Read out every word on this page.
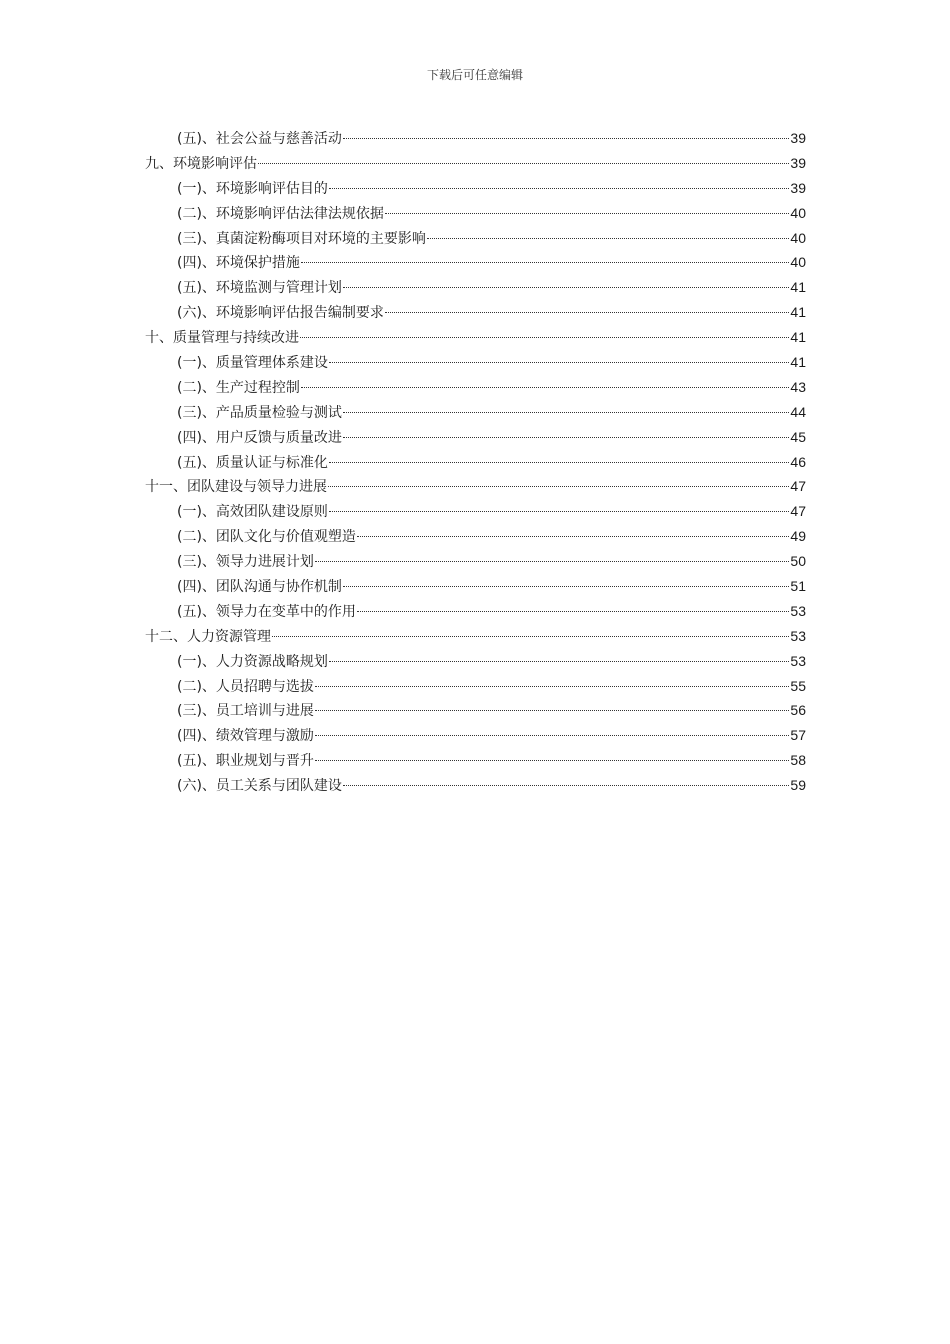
下载后可任意编辑
(五)、社会公益与慈善活动	39
九、环境影响评估	39
(一)、环境影响评估目的	39
(二)、环境影响评估法律法规依据	40
(三)、真菌淀粉酶项目对环境的主要影响	40
(四)、环境保护措施	40
(五)、环境监测与管理计划	41
(六)、环境影响评估报告编制要求	41
十、质量管理与持续改进	41
(一)、质量管理体系建设	41
(二)、生产过程控制	43
(三)、产品质量检验与测试	44
(四)、用户反馈与质量改进	45
(五)、质量认证与标准化	46
十一、团队建设与领导力进展	47
(一)、高效团队建设原则	47
(二)、团队文化与价值观塑造	49
(三)、领导力进展计划	50
(四)、团队沟通与协作机制	51
(五)、领导力在变革中的作用	53
十二、人力资源管理	53
(一)、人力资源战略规划	53
(二)、人员招聘与选拔	55
(三)、员工培训与进展	56
(四)、绩效管理与激励	57
(五)、职业规划与晋升	58
(六)、员工关系与团队建设	59
